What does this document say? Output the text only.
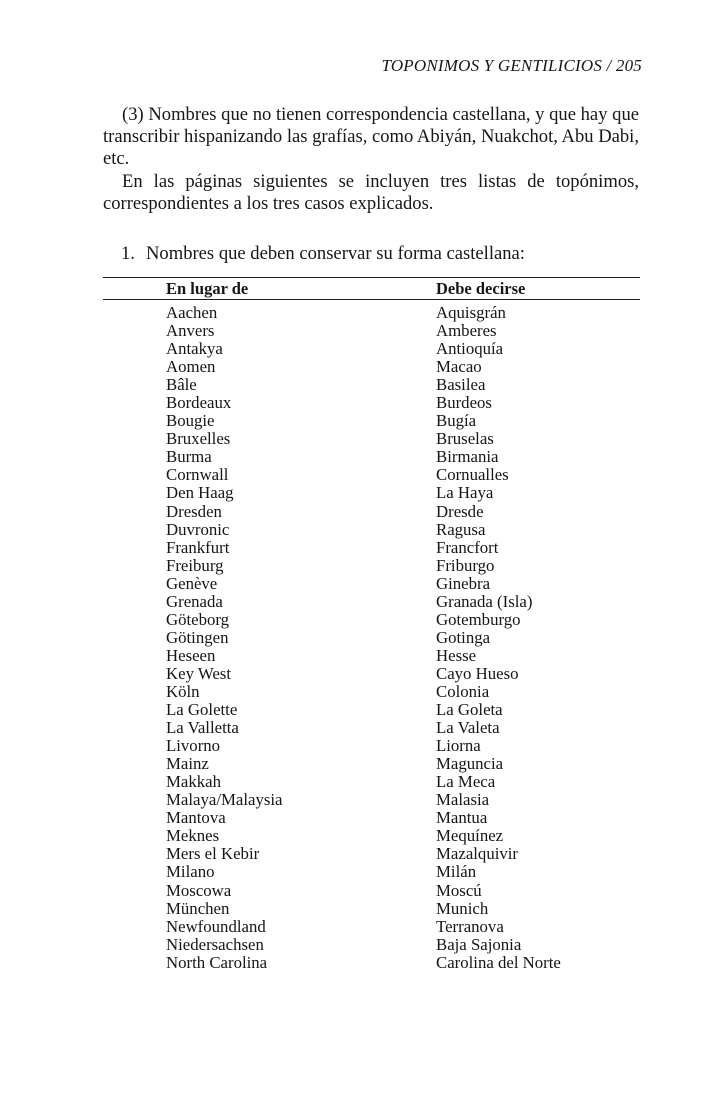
TOPONIMOS Y GENTILICIOS / 205

(3) Nombres que no tienen correspondencia castellana, y que hay que transcribir hispanizando las grafías, como Abiyán, Nuakchot, Abu Dabi, etc.

En las páginas siguientes se incluyen tres listas de topónimos, correspondientes a los tres casos explicados.

1. Nombres que deben conservar su forma castellana:
En lugar de	Debe decirse
Aachen	Aquisgrán
Anvers	Amberes
Antakya	Antioquía
Aomen	Macao
Bâle	Basilea
Bordeaux	Burdeos
Bougie	Bugía
Bruxelles	Bruselas
Burma	Birmania
Cornwall	Cornualles
Den Haag	La Haya
Dresden	Dresde
Duvronic	Ragusa
Frankfurt	Francfort
Freiburg	Friburgo
Genève	Ginebra
Grenada	Granada (Isla)
Göteborg	Gotemburgo
Götingen	Gotinga
Heseen	Hesse
Key West	Cayo Hueso
Köln	Colonia
La Golette	La Goleta
La Valletta	La Valeta
Livorno	Liorna
Mainz	Maguncia
Makkah	La Meca
Malaya/Malaysia	Malasia
Mantova	Mantua
Meknes	Mequínez
Mers el Kebir	Mazalquivir
Milano	Milán
Moscowa	Moscú
München	Munich
Newfoundland	Terranova
Niedersachsen	Baja Sajonia
North Carolina	Carolina del Norte
